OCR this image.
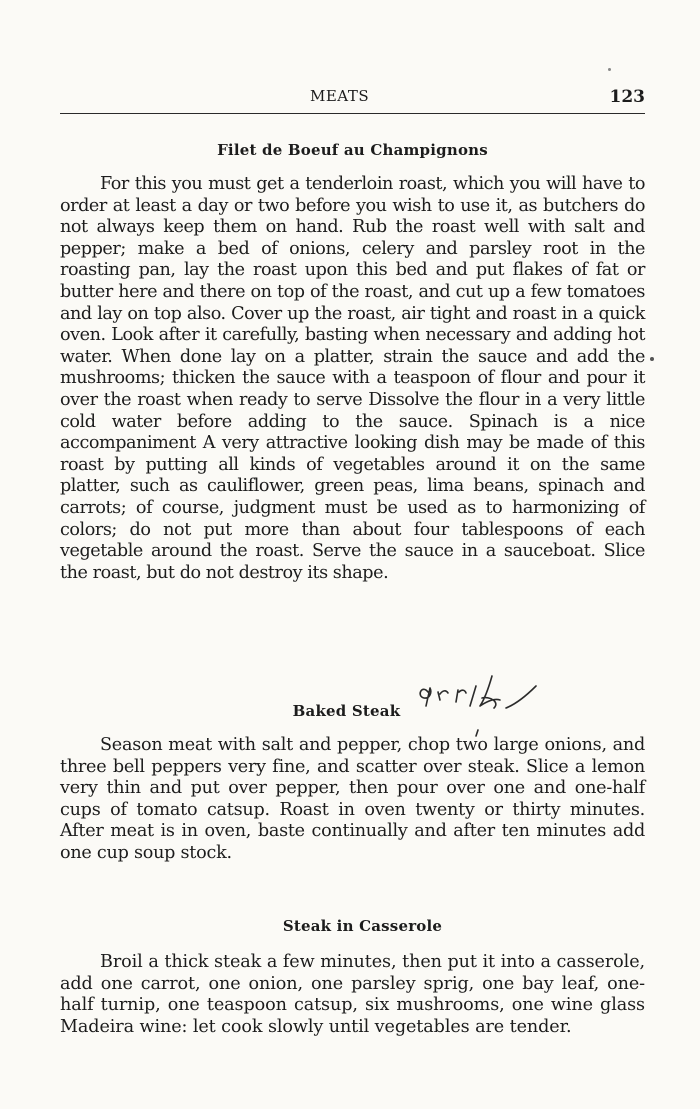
MEATS	123
Filet de Boeuf au Champignons

For this you must get a tenderloin roast, which you will have to order at least a day or two before you wish to use it, as butchers do not always keep them on hand. Rub the roast well with salt and pepper; make a bed of onions, celery and parsley root in the roasting pan, lay the roast upon this bed and put flakes of fat or butter here and there on top of the roast, and cut up a few tomatoes and lay on top also. Cover up the roast, air tight and roast in a quick oven. Look after it carefully, basting when necessary and adding hot water. When done lay on a platter, strain the sauce and add the mushrooms; thicken the sauce with a teaspoon of flour and pour it over the roast when ready to serve Dissolve the flour in a very little cold water before adding to the sauce. Spinach is a nice accompaniment A very attractive looking dish may be made of this roast by putting all kinds of vegetables around it on the same platter, such as cauliflower, green peas, lima beans, spinach and carrots; of course, judgment must be used as to harmonizing of colors; do not put more than about four tablespoons of each vegetable around the roast. Serve the sauce in a sauceboat. Slice the roast, but do not destroy its shape.

Baked Steak

Season meat with salt and pepper, chop two large onions, and three bell peppers very fine, and scatter over steak. Slice a lemon very thin and put over pepper, then pour over one and one-half cups of tomato catsup. Roast in oven twenty or thirty minutes. After meat is in oven, baste continually and after ten minutes add one cup soup stock.

Steak in Casserole

Broil a thick steak a few minutes, then put it into a casserole, add one carrot, one onion, one parsley sprig, one bay leaf, one-half turnip, one teaspoon catsup, six mushrooms, one wine glass Madeira wine: let cook slowly until vegetables are tender.
